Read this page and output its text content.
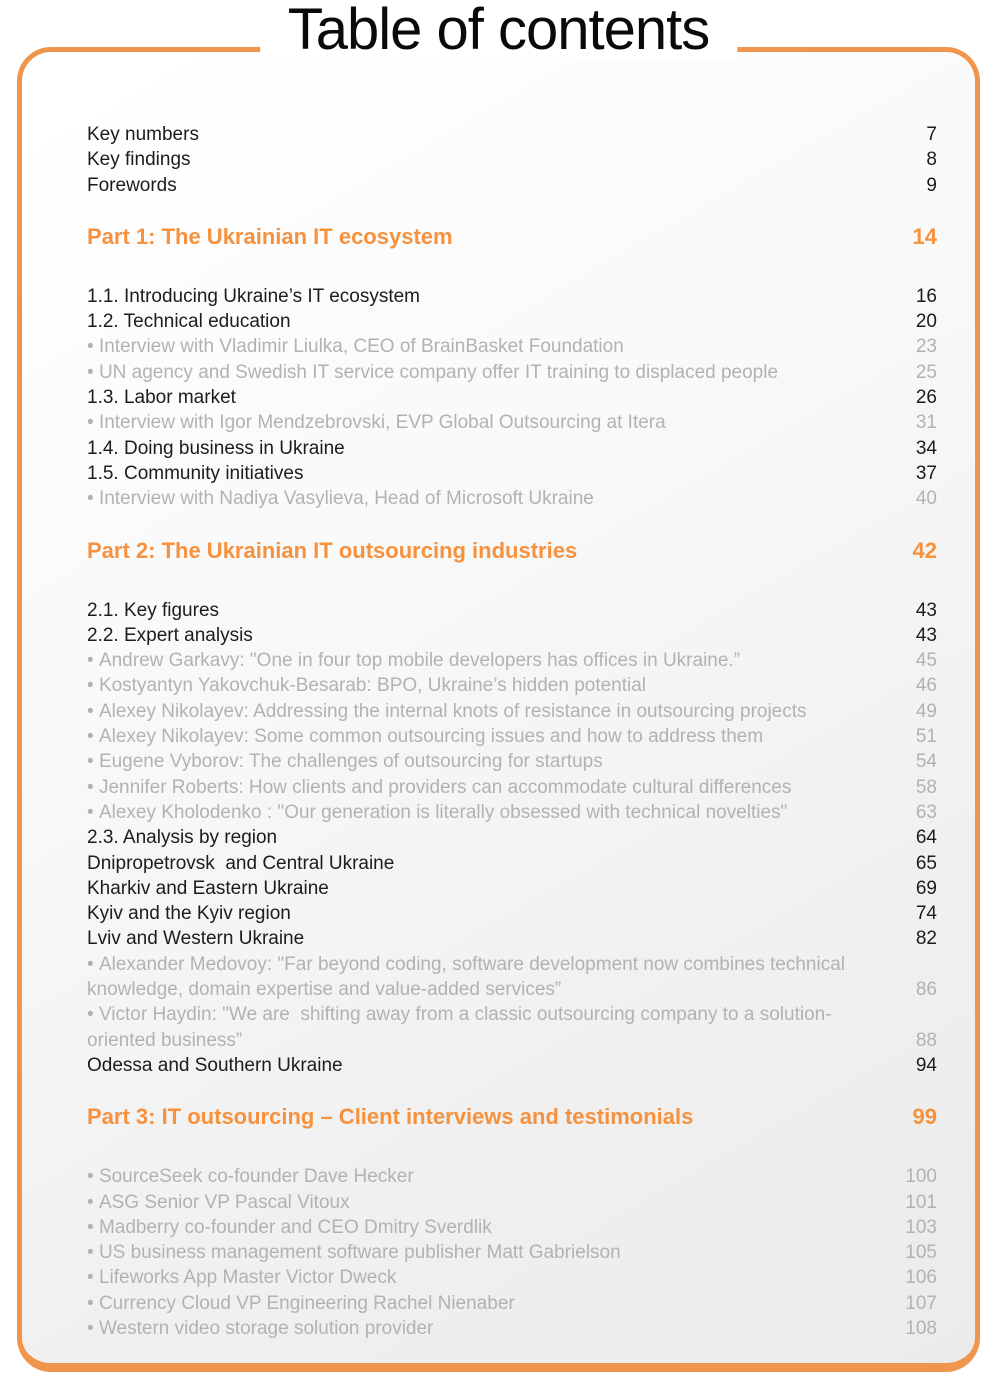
Table of contents
Key numbers	7
Key findings	8
Forewords	9
Part 1: The Ukrainian IT ecosystem	14
1.1. Introducing Ukraine’s IT ecosystem	16
1.2. Technical education	20
• Interview with Vladimir Liulka, CEO of BrainBasket Foundation	23
• UN agency and Swedish IT service company offer IT training to displaced people	25
1.3. Labor market	26
• Interview with Igor Mendzebrovski, EVP Global Outsourcing at Itera	31
1.4. Doing business in Ukraine	34
1.5. Community initiatives	37
• Interview with Nadiya Vasylieva, Head of Microsoft Ukraine	40
Part 2: The Ukrainian IT outsourcing industries	42
2.1. Key figures	43
2.2. Expert analysis	43
• Andrew Garkavy: "One in four top mobile developers has offices in Ukraine.”	45
• Kostyantyn Yakovchuk-Besarab: BPO, Ukraine’s hidden potential	46
• Alexey Nikolayev: Addressing the internal knots of resistance in outsourcing projects	49
• Alexey Nikolayev: Some common outsourcing issues and how to address them	51
• Eugene Vyborov: The challenges of outsourcing for startups	54
• Jennifer Roberts: How clients and providers can accommodate cultural differences	58
• Alexey Kholodenko : "Our generation is literally obsessed with technical novelties"	63
2.3. Analysis by region	64
Dnipropetrovsk  and Central Ukraine	65
Kharkiv and Eastern Ukraine	69
Kyiv and the Kyiv region	74
Lviv and Western Ukraine	82
• Alexander Medovoy: "Far beyond coding, software development now combines technical knowledge, domain expertise and value-added services”	86
• Victor Haydin: "We are  shifting away from a classic outsourcing company to a solution-oriented business”	88
Odessa and Southern Ukraine	94
Part 3: IT outsourcing – Client interviews and testimonials	99
• SourceSeek co-founder Dave Hecker	100
• ASG Senior VP Pascal Vitoux	101
• Madberry co-founder and CEO Dmitry Sverdlik	103
• US business management software publisher Matt Gabrielson	105
• Lifeworks App Master Victor Dweck	106
• Currency Cloud VP Engineering Rachel Nienaber	107
• Western video storage solution provider	108
